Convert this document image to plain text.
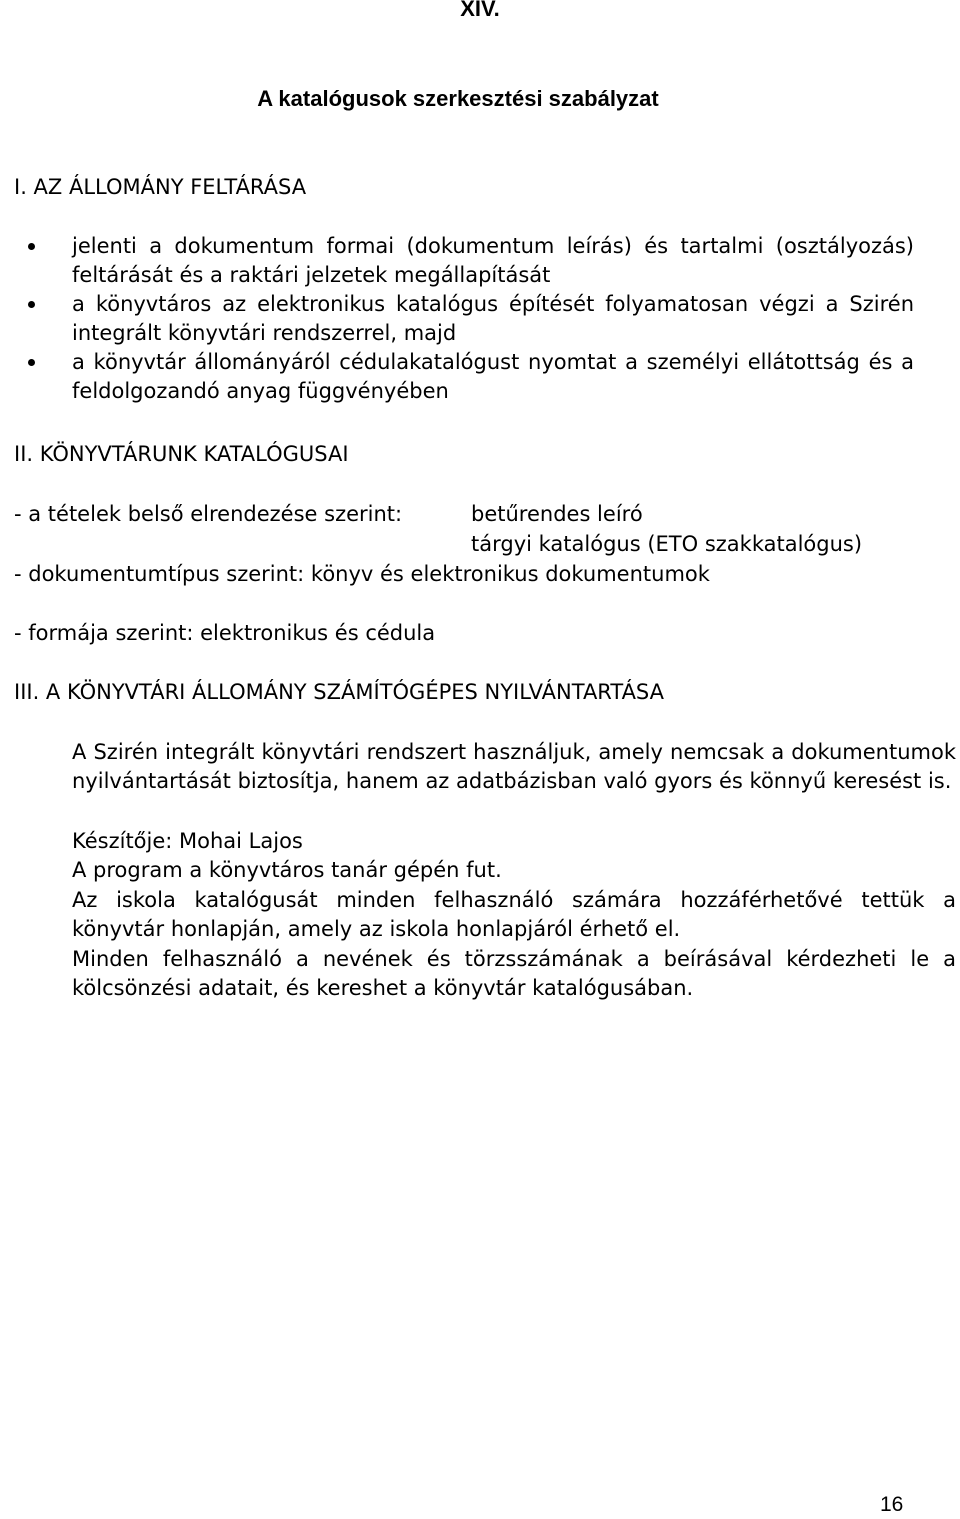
XIV.
A katalógusok szerkesztési szabályzat
I. AZ ÁLLOMÁNY FELTÁRÁSA
jelenti a dokumentum formai (dokumentum leírás) és tartalmi (osztályozás) feltárását és a raktári jelzetek megállapítását
a könyvtáros az elektronikus katalógus építését folyamatosan végzi a Szirén integrált könyvtári rendszerrel, majd
a könyvtár állományáról cédulakatalógust nyomtat a személyi ellátottság és a feldolgozandó anyag függvényében
II. KÖNYVTÁRUNK KATALÓGUSAI
- a tételek belső elrendezése szerint:	betűrendes leíró
tárgyi katalógus (ETO szakkatalógus)
- dokumentumtípus szerint: könyv és elektronikus dokumentumok
- formája szerint: elektronikus és cédula
III. A KÖNYVTÁRI ÁLLOMÁNY SZÁMÍTÓGÉPES NYILVÁNTARTÁSA

A Szirén integrált könyvtári rendszert használjuk, amely nemcsak a dokumentumok nyilvántartását biztosítja, hanem az adatbázisban való gyors és könnyű keresést is.

Készítője: Mohai Lajos

A program a könyvtáros tanár gépén fut.

Az iskola katalógusát minden felhasználó számára hozzáférhetővé tettük a könyvtár honlapján, amely az iskola honlapjáról érhető el.

Minden felhasználó a nevének és törzsszámának a beírásával kérdezheti le a kölcsönzési adatait, és kereshet a könyvtár katalógusában.

16
